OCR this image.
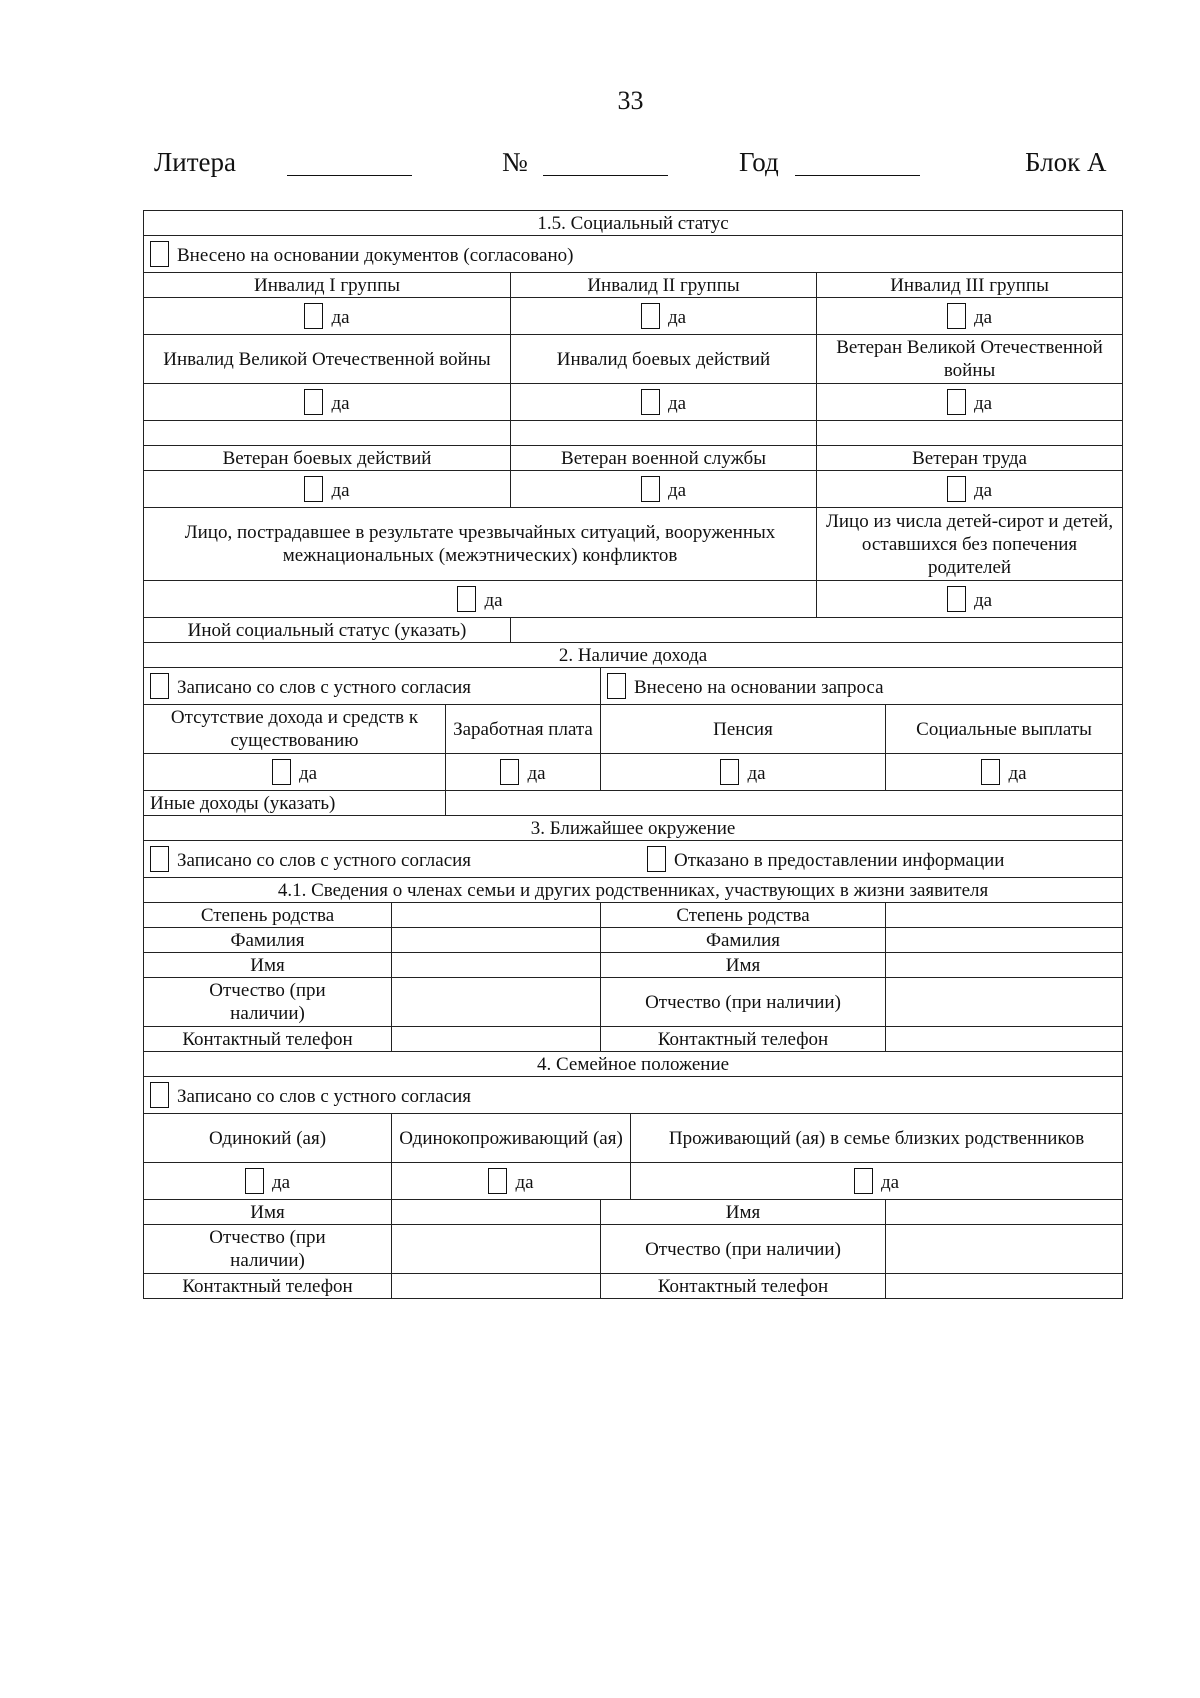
33
Литера	№	Год	Блок А
1.5. Социальный статус							
Внесено на основании документов (согласовано)							
Инвалид I группы			Инвалид II группы			Инвалид III группы	
да			да			да	
Инвалид Великой Отечественной войны			Инвалид боевых действий			Ветеран Великой Отечественной войны	
да			да			да	

Ветеран боевых действий			Ветеран военной службы			Ветеран труда	
да			да			да	
Лицо, пострадавшее в результате чрезвычайных ситуаций, вооруженных межнациональных (межэтнических) конфликтов						Лицо из числа детей-сирот и детей, оставшихся без попечения родителей	
да						да	
Иной социальный статус (указать)							
2. Наличие дохода							
Записано со слов с устного согласия				Внесено на основании запроса			
Отсутствие дохода и средств к существованию		Заработная плата		Пенсия			Социальные выплаты
да		да		да			да
Иные доходы (указать)							
3. Ближайшее окружение							
Записано со слов с устного согласия Отказано в предоставлении информации							
4.1. Сведения о членах семьи и других родственниках, участвующих в жизни заявителя							
Степень родства				Степень родства			
Фамилия				Фамилия			
Имя				Имя			
Отчество (при наличии)				Отчество (при наличии)			
Контактный телефон				Контактный телефон			
4. Семейное положение							
Записано со слов с устного согласия							
Одинокий (ая)	Одинокопроживающий (ая)				Проживающий (ая) в семье близких родственников		
да	да				да		
Имя				Имя			
Отчество (при наличии)				Отчество (при наличии)			
Контактный телефон				Контактный телефон			
